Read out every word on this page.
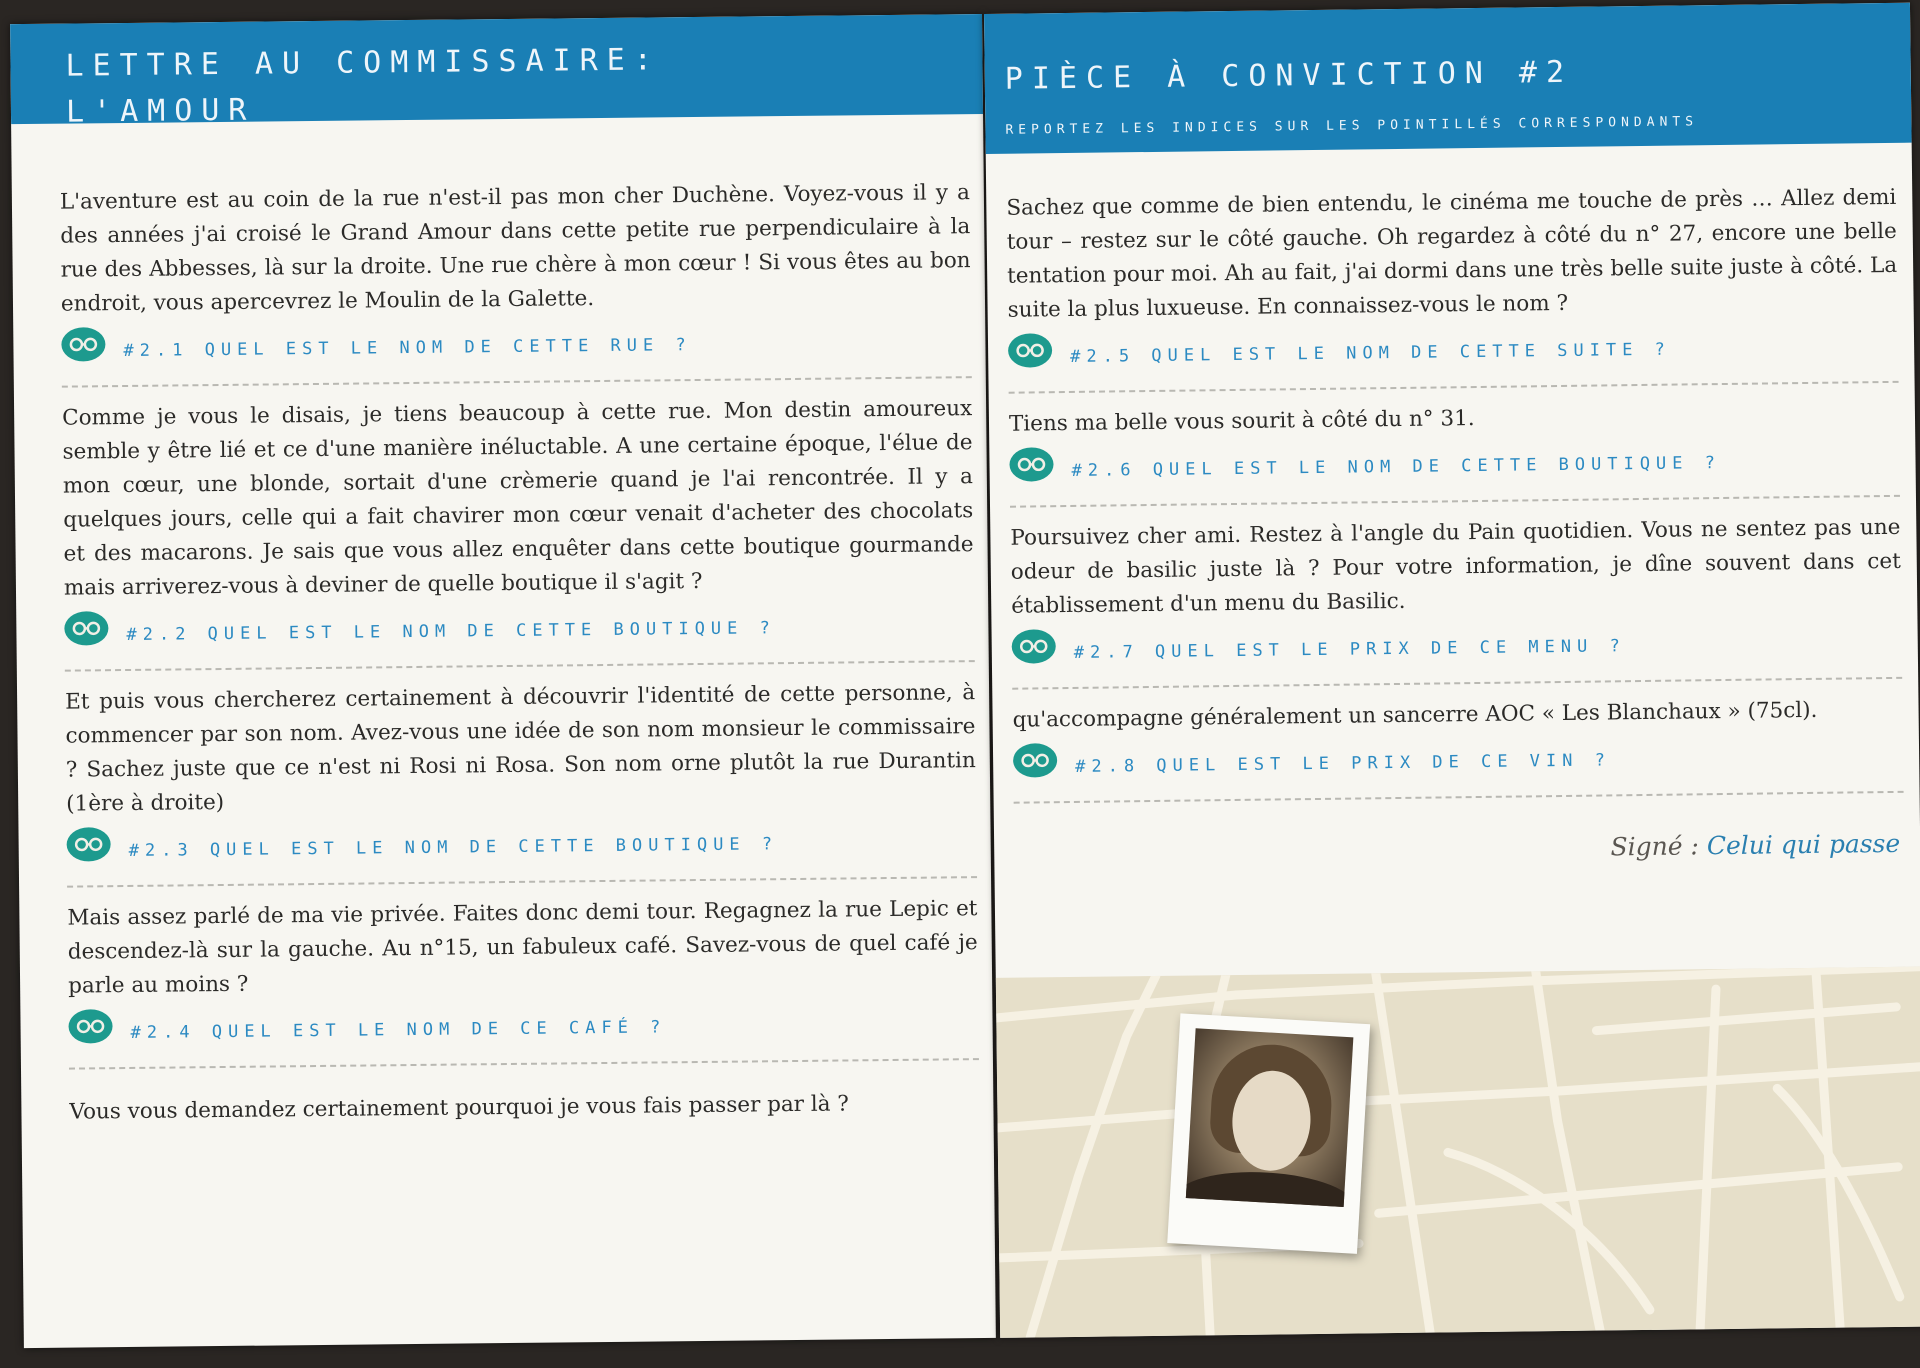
LETTRE AU COMMISSAIRE:
L'AMOUR

L'aventure est au coin de la rue n'est-il pas mon cher Duchène. Voyez-vous il y a des années j'ai croisé le Grand Amour dans cette petite rue perpendiculaire à la rue des Abbesses, là sur la droite. Une rue chère à mon cœur ! Si vous êtes au bon endroit, vous apercevrez le Moulin de la Galette.

#2.1 QUEL EST LE NOM DE CETTE RUE ?

Comme je vous le disais, je tiens beaucoup à cette rue. Mon destin amoureux semble y être lié et ce d'une manière inéluctable. A une certaine époque, l'élue de mon cœur, une blonde, sortait d'une crèmerie quand je l'ai rencontrée. Il y a quelques jours, celle qui a fait chavirer mon cœur venait d'acheter des chocolats et des macarons. Je sais que vous allez enquêter dans cette boutique gourmande mais arriverez-vous à deviner de quelle boutique il s'agit ?

#2.2 QUEL EST LE NOM DE CETTE BOUTIQUE ?

Et puis vous chercherez certainement à découvrir l'identité de cette personne, à commencer par son nom. Avez-vous une idée de son nom monsieur le commissaire ? Sachez juste que ce n'est ni Rosi ni Rosa. Son nom orne plutôt la rue Durantin (1ère à droite)

#2.3 QUEL EST LE NOM DE CETTE BOUTIQUE ?

Mais assez parlé de ma vie privée. Faites donc demi tour. Regagnez la rue Lepic et descendez-là sur la gauche. Au n°15, un fabuleux café. Savez-vous de quel café je parle au moins ?

#2.4 QUEL EST LE NOM DE CE CAFÉ ?

Vous vous demandez certainement pourquoi je vous fais passer par là ?

PIÈCE À CONVICTION #2
REPORTEZ LES INDICES SUR LES POINTILLÉS CORRESPONDANTS

Sachez que comme de bien entendu, le cinéma me touche de près … Allez demi tour – restez sur le côté gauche. Oh regardez à côté du n° 27, encore une belle tentation pour moi. Ah au fait, j'ai dormi dans une très belle suite juste à côté. La suite la plus luxueuse. En connaissez-vous le nom ?

#2.5 QUEL EST LE NOM DE CETTE SUITE ?

Tiens ma belle vous sourit à côté du n° 31.

#2.6 QUEL EST LE NOM DE CETTE BOUTIQUE ?

Poursuivez cher ami. Restez à l'angle du Pain quotidien. Vous ne sentez pas une odeur de basilic juste là ? Pour votre information, je dîne souvent dans cet établissement d'un menu du Basilic.

#2.7 QUEL EST LE PRIX DE CE MENU ?

qu'accompagne généralement un sancerre AOC « Les Blanchaux » (75cl).

#2.8 QUEL EST LE PRIX DE CE VIN ?
Signé : Celui qui passe
